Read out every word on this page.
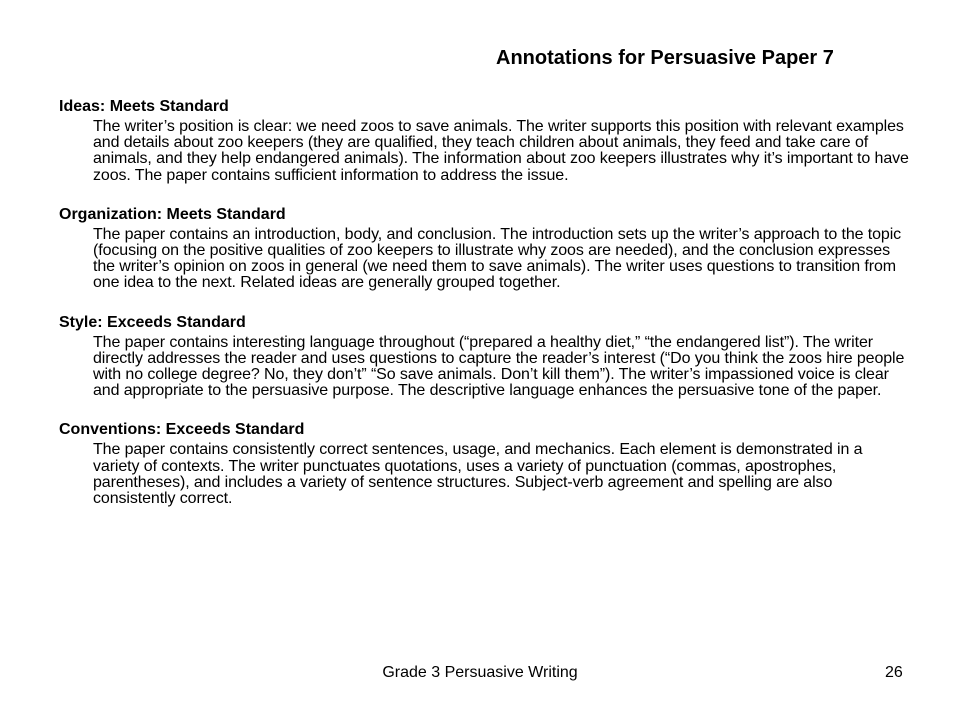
Annotations for Persuasive Paper 7
Ideas: Meets Standard

The writer’s position is clear: we need zoos to save animals. The writer supports this position with relevant examples and details about zoo keepers (they are qualified, they teach children about animals, they feed and take care of animals, and they help endangered animals). The information about zoo keepers illustrates why it’s important to have zoos. The paper contains sufficient information to address the issue.

Organization: Meets Standard

The paper contains an introduction, body, and conclusion. The introduction sets up the writer’s approach to the topic (focusing on the positive qualities of zoo keepers to illustrate why zoos are needed), and the conclusion expresses the writer’s opinion on zoos in general (we need them to save animals). The writer uses questions to transition from one idea to the next. Related ideas are generally grouped together.

Style: Exceeds Standard

The paper contains interesting language throughout (“prepared a healthy diet,” “the endangered list”). The writer directly addresses the reader and uses questions to capture the reader’s interest (“Do you think the zoos hire people with no college degree? No, they don’t” “So save animals. Don’t kill them”). The writer’s impassioned voice is clear and appropriate to the persuasive purpose. The descriptive language enhances the persuasive tone of the paper.

Conventions: Exceeds Standard

The paper contains consistently correct sentences, usage, and mechanics. Each element is demonstrated in a variety of contexts. The writer punctuates quotations, uses a variety of punctuation (commas, apostrophes, parentheses), and includes a variety of sentence structures. Subject-verb agreement and spelling are also consistently correct.

Grade 3 Persuasive Writing	26
